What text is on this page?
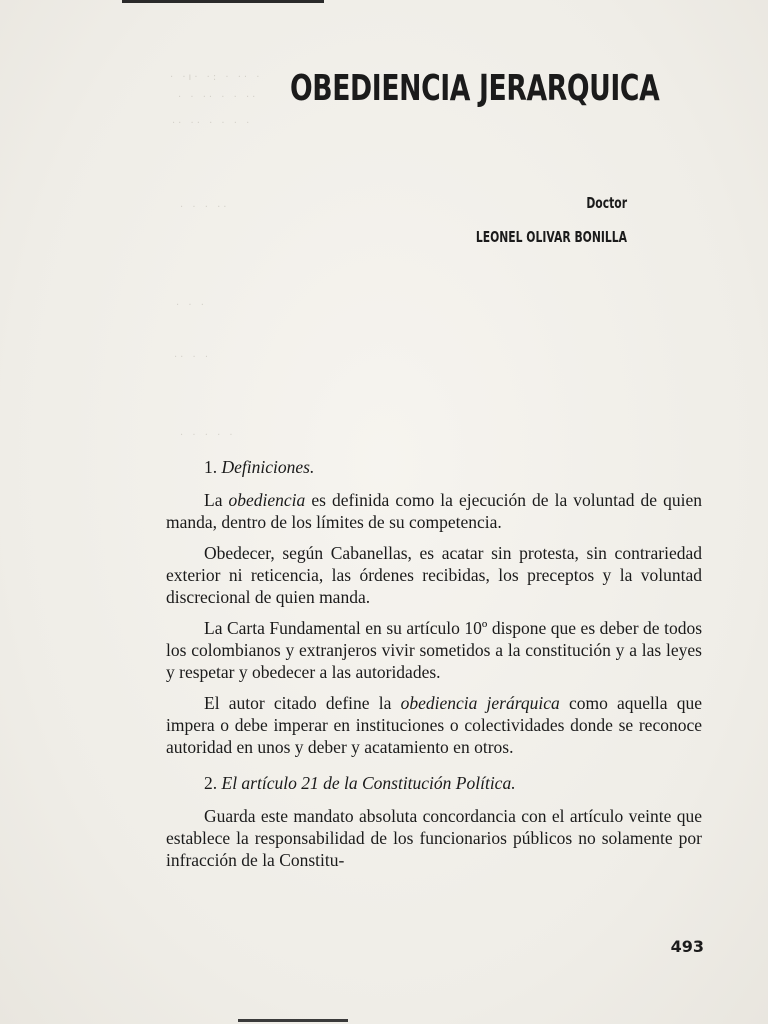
· ·ı· ·: · ·· ·
· · ·· · · ··
·· ·· · · · ·
· · · ··
· · ·
·· · ·
· · · · ·
OBEDIENCIA JERARQUICA
Doctor
LEONEL OLIVAR BONILLA
1. Definiciones.

La obediencia es definida como la ejecución de la voluntad de quien manda, dentro de los límites de su competencia.

Obedecer, según Cabanellas, es acatar sin protesta, sin contrariedad exterior ni reticencia, las órdenes recibidas, los preceptos y la voluntad discrecional de quien manda.

La Carta Fundamental en su artículo 10º dispone que es deber de todos los colombianos y extranjeros vivir sometidos a la constitución y a las leyes y respetar y obedecer a las autoridades.

El autor citado define la obediencia jerárquica como aquella que impera o debe imperar en instituciones o colectividades donde se reconoce autoridad en unos y deber y acatamiento en otros.

2. El artículo 21 de la Constitución Política.

Guarda este mandato absoluta concordancia con el artículo veinte que establece la responsabilidad de los funcionarios públicos no solamente por infracción de la Constitu-

493
